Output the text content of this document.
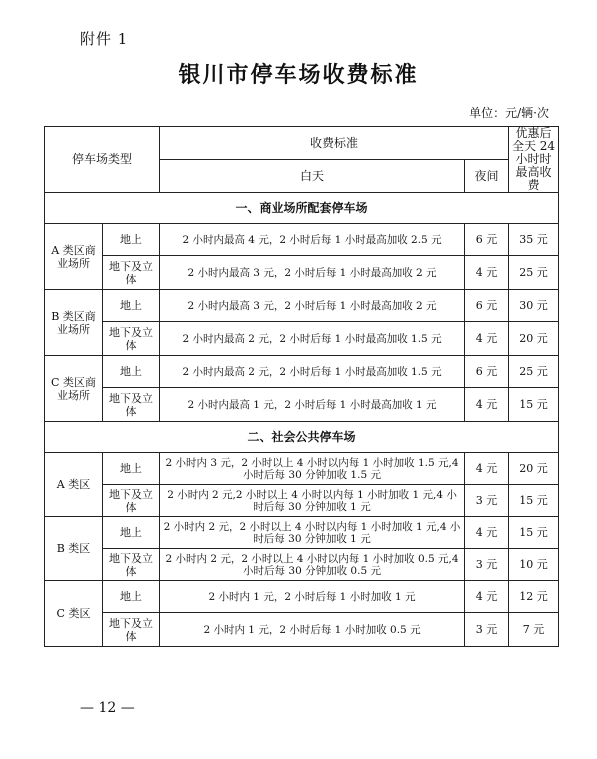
附件 1
银川市停车场收费标准
单位：元/辆·次
停车场类型		收费标准		优惠后全天 24 小时时最高收费
		白天	夜间	
一、商业场所配套停车场				
A 类区商业场所	地上	2 小时内最高 4 元，2 小时后每 1 小时最高加收 2.5 元	6 元	35 元
	地下及立体	2 小时内最高 3 元，2 小时后每 1 小时最高加收 2 元	4 元	25 元
B 类区商业场所	地上	2 小时内最高 3 元，2 小时后每 1 小时最高加收 2 元	6 元	30 元
	地下及立体	2 小时内最高 2 元，2 小时后每 1 小时最高加收 1.5 元	4 元	20 元
C 类区商业场所	地上	2 小时内最高 2 元，2 小时后每 1 小时最高加收 1.5 元	6 元	25 元
	地下及立体	2 小时内最高 1 元，2 小时后每 1 小时最高加收 1 元	4 元	15 元
二、社会公共停车场				
A 类区	地上	2 小时内 3 元，2 小时以上 4 小时以内每 1 小时加收 1.5 元,4 小时后每 30 分钟加收 1.5 元	4 元	20 元
	地下及立体	2 小时内 2 元,2 小时以上 4 小时以内每 1 小时加收 1 元,4 小时后每 30 分钟加收 1 元	3 元	15 元
B 类区	地上	2 小时内 2 元，2 小时以上 4 小时以内每 1 小时加收 1 元,4 小时后每 30 分钟加收 1 元	4 元	15 元
	地下及立体	2 小时内 2 元，2 小时以上 4 小时以内每 1 小时加收 0.5 元,4 小时后每 30 分钟加收 0.5 元	3 元	10 元
C 类区	地上	2 小时内 1 元，2 小时后每 1 小时加收 1 元	4 元	12 元
	地下及立体	2 小时内 1 元，2 小时后每 1 小时加收 0.5 元	3 元	7 元
— 12 —
